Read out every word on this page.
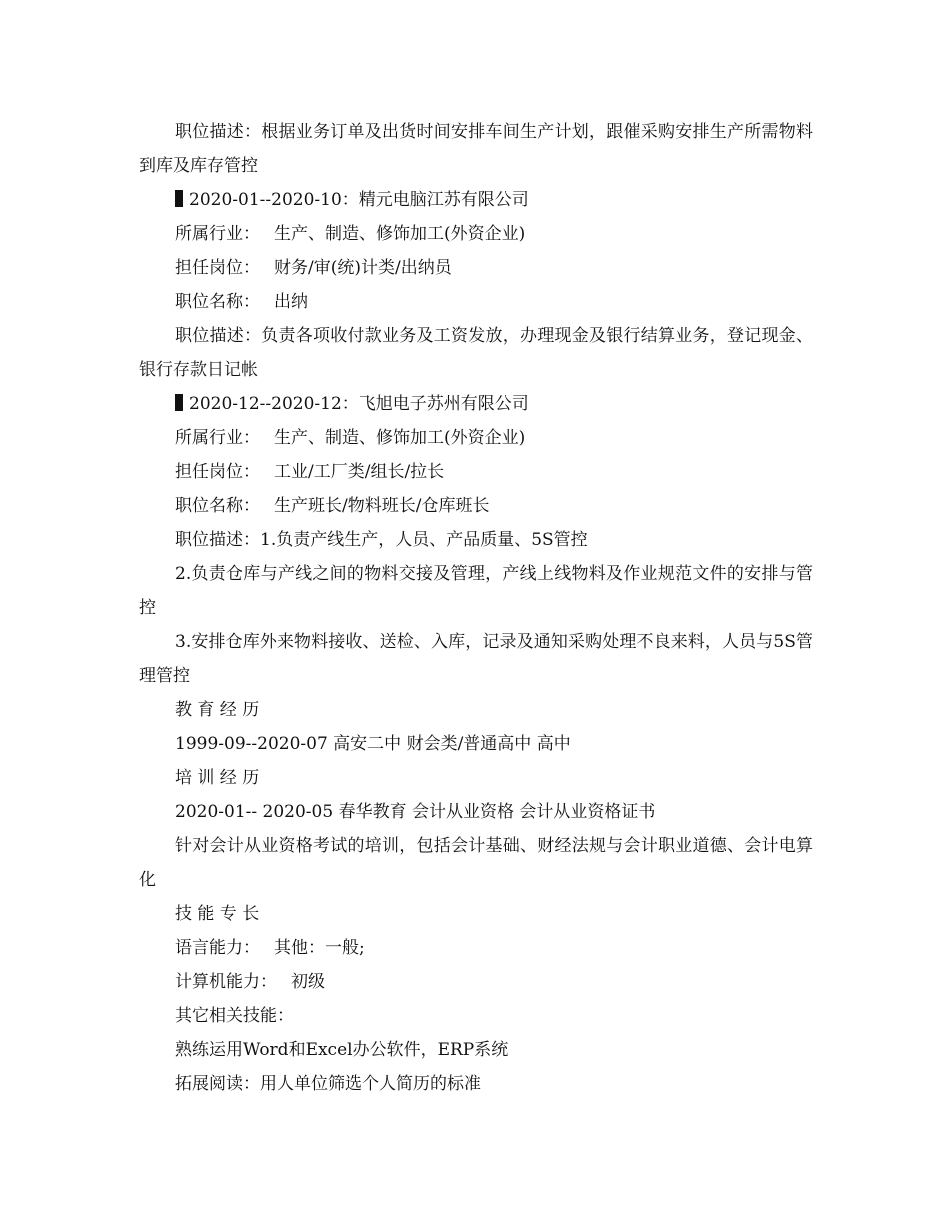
职位描述：根据业务订单及出货时间安排车间生产计划，跟催采购安排生产所需物料到库及库存管控

2020-01--2020-10：精元电脑江苏有限公司

所属行业： 生产、制造、修饰加工(外资企业)

担任岗位： 财务/审(统)计类/出纳员

职位名称： 出纳

职位描述：负责各项收付款业务及工资发放，办理现金及银行结算业务，登记现金、银行存款日记帐

2020-12--2020-12：飞旭电子苏州有限公司

所属行业： 生产、制造、修饰加工(外资企业)

担任岗位： 工业/工厂类/组长/拉长

职位名称： 生产班长/物料班长/仓库班长

职位描述：1.负责产线生产，人员、产品质量、5S管控

2.负责仓库与产线之间的物料交接及管理，产线上线物料及作业规范文件的安排与管控

3.安排仓库外来物料接收、送检、入库，记录及通知采购处理不良来料，人员与5S管理管控

教 育 经 历

1999-09--2020-07 高安二中 财会类/普通高中 高中

培 训 经 历

2020-01-- 2020-05 春华教育 会计从业资格 会计从业资格证书

针对会计从业资格考试的培训，包括会计基础、财经法规与会计职业道德、会计电算化

技 能 专 长

语言能力： 其他：一般;

计算机能力： 初级

其它相关技能：

熟练运用Word和Excel办公软件，ERP系统

拓展阅读：用人单位筛选个人简历的标准
